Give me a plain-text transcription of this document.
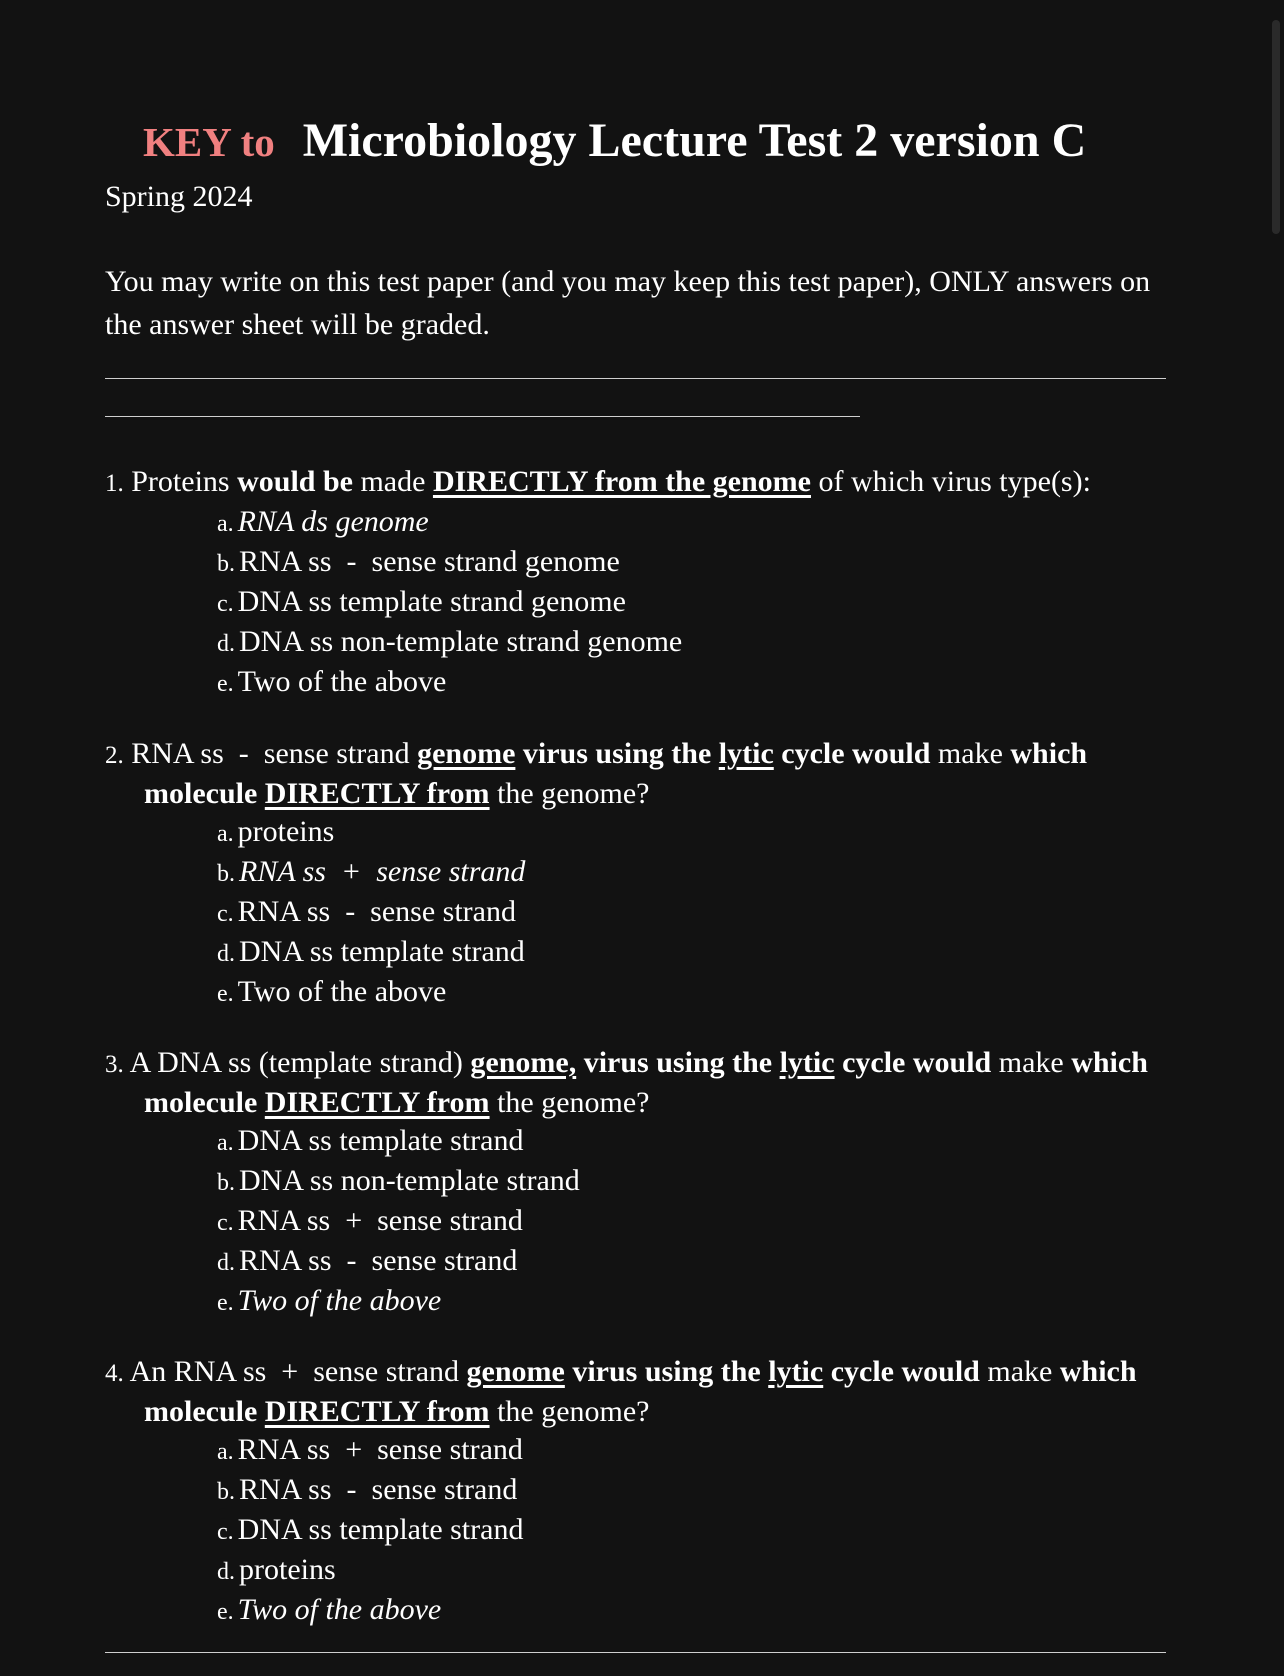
KEY to Microbiology Lecture Test 2 version C
Spring 2024
You may write on this test paper (and you may keep this test paper), ONLY answers on the answer sheet will be graded.
1. Proteins would be made DIRECTLY from the genome of which virus type(s):
a. RNA ds genome
b. RNA ss  -  sense strand genome
c. DNA ss template strand genome
d. DNA ss non-template strand genome
e. Two of the above
2. RNA ss  -  sense strand genome virus using the lytic cycle would make which molecule DIRECTLY from the genome?
a. proteins
b. RNA ss  +  sense strand
c. RNA ss  -  sense strand
d. DNA ss template strand
e. Two of the above
3. A DNA ss (template strand) genome, virus using the lytic cycle would make which molecule DIRECTLY from the genome?
a. DNA ss template strand
b. DNA ss non-template strand
c. RNA ss  +  sense strand
d. RNA ss  -  sense strand
e. Two of the above
4. An RNA ss  +  sense strand genome virus using the lytic cycle would make which molecule DIRECTLY from the genome?
a. RNA ss  +  sense strand
b. RNA ss  -  sense strand
c. DNA ss template strand
d. proteins
e. Two of the above
